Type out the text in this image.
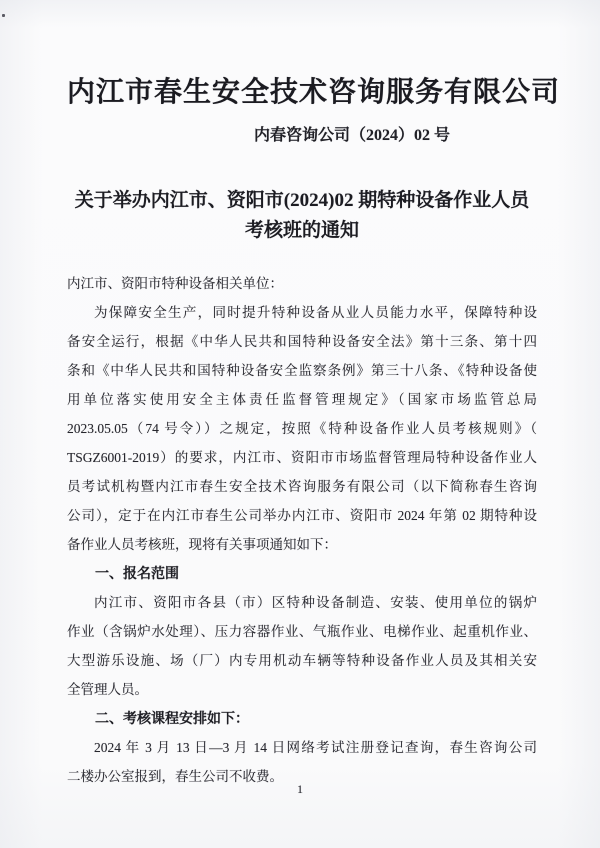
内江市春生安全技术咨询服务有限公司
内春咨询公司（2024）02 号
关于举办内江市、资阳市(2024)02 期特种设备作业人员
考核班的通知
内江市、资阳市特种设备相关单位：
为保障安全生产，同时提升特种设备从业人员能力水平，保障特种设
备安全运行，根据《中华人民共和国特种设备安全法》第十三条、第十四
条和《中华人民共和国特种设备安全监察条例》第三十八条、《特种设备使
用单位落实使用安全主体责任监督管理规定》（国家市场监管总局
2023.05.05（74 号令））之规定，按照《特种设备作业人员考核规则》（
TSGZ6001-2019）的要求，内江市、资阳市市场监督管理局特种设备作业人
员考试机构暨内江市春生安全技术咨询服务有限公司（以下简称春生咨询
公司），定于在内江市春生公司举办内江市、资阳市 2024 年第 02 期特种设
备作业人员考核班，现将有关事项通知如下：
一、报名范围
内江市、资阳市各县（市）区特种设备制造、安装、使用单位的锅炉
作业（含锅炉水处理）、压力容器作业、气瓶作业、电梯作业、起重机作业、
大型游乐设施、场（厂）内专用机动车辆等特种设备作业人员及其相关安
全管理人员。
二、考核课程安排如下：
2024 年 3 月 13 日—3 月 14 日网络考试注册登记查询，春生咨询公司
二楼办公室报到，春生公司不收费。
1
